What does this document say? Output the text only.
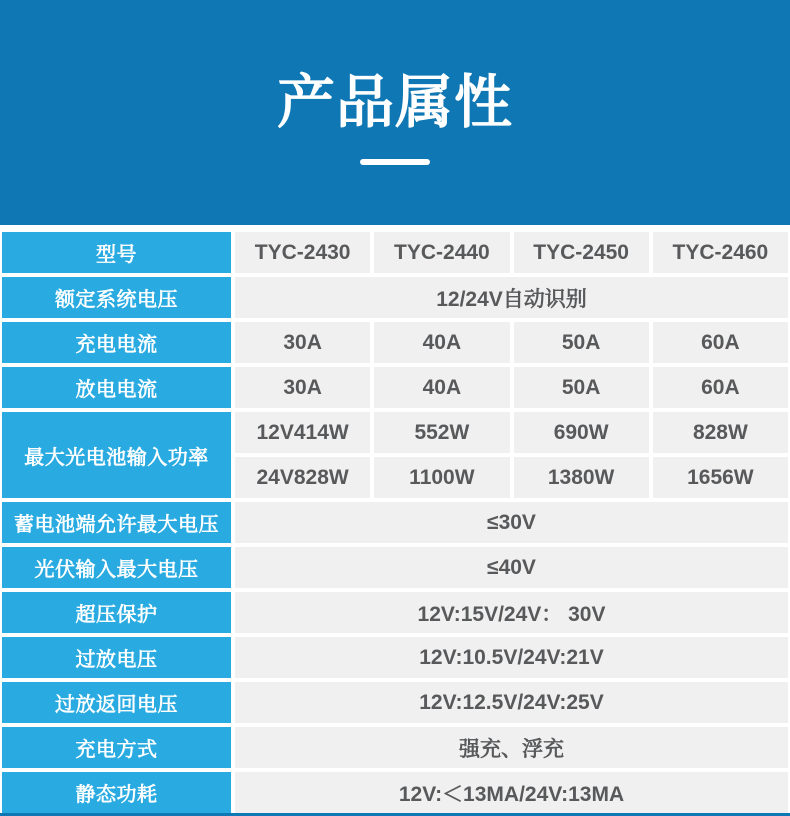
产品属性
型号	TYC-2430	TYC-2440	TYC-2450	TYC-2460
额定系统电压	12/24V自动识别
充电电流	30A	40A	50A	60A
放电电流	30A	40A	50A	60A
最大光电池输入功率
12V414W	552W	690W	828W
24V828W	1100W	1380W	1656W
蓄电池端允许最大电压	≤30V
光伏输入最大电压	≤40V
超压保护	12V:15V/24V： 30V
过放电压	12V:10.5V/24V:21V
过放返回电压	12V:12.5V/24V:25V
充电方式	强充、浮充
静态功耗	12V:＜13MA/24V:13MA
